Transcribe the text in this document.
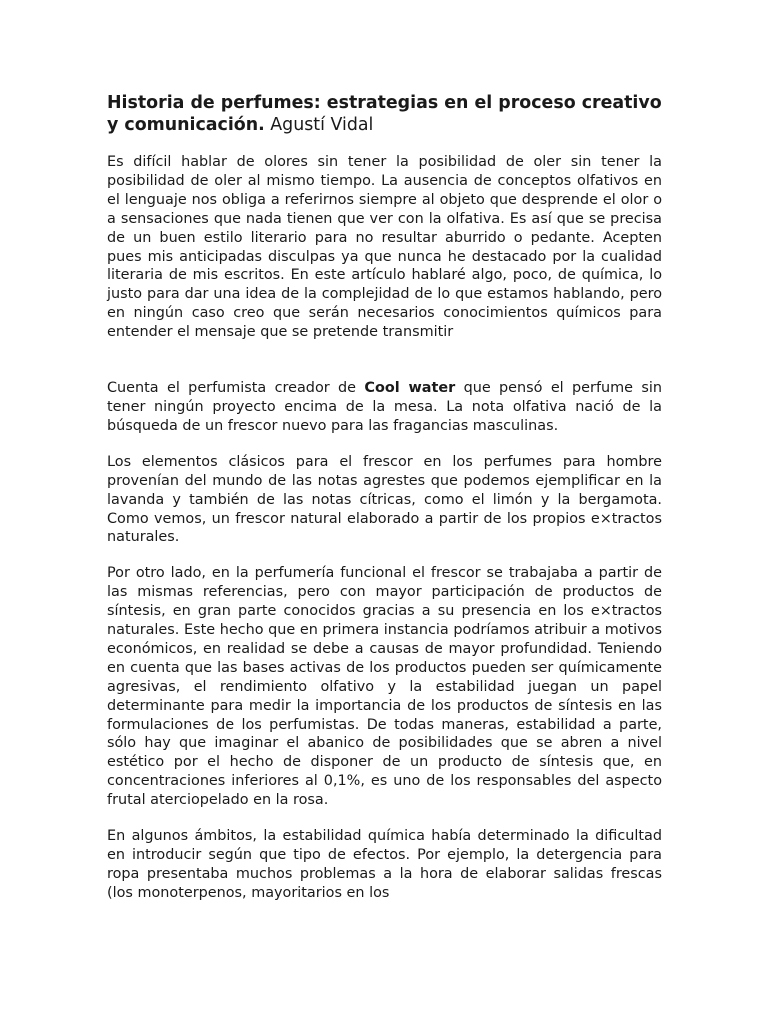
Historia de perfumes: estrategias en el proceso creativo y comunicación. Agustí Vidal

Es difícil hablar de olores sin tener la posibilidad de oler sin tener la posibilidad de oler al mismo tiempo. La ausencia de conceptos olfativos en el lenguaje nos obliga a referirnos siempre al objeto que desprende el olor o a sensaciones que nada tienen que ver con la olfativa. Es así que se precisa de un buen estilo literario para no resultar aburrido o pedante. Acepten pues mis anticipadas disculpas ya que nunca he destacado por la cualidad literaria de mis escritos. En este artículo hablaré algo, poco, de química, lo justo para dar una idea de la complejidad de lo que estamos hablando, pero en ningún caso creo que serán necesarios conocimientos químicos para entender el mensaje que se pretende transmitir

Cuenta el perfumista creador de Cool water que pensó el perfume sin tener ningún proyecto encima de la mesa. La nota olfativa nació de la búsqueda de un frescor nuevo para las fragancias masculinas.

Los elementos clásicos para el frescor en los perfumes para hombre provenían del mundo de las notas agrestes que podemos ejemplificar en la lavanda y también de las notas cítricas, como el limón y la bergamota. Como vemos, un frescor natural elaborado a partir de los propios e×tractos naturales.

Por otro lado, en la perfumería funcional el frescor se trabajaba a partir de las mismas referencias, pero con mayor participación de productos de síntesis, en gran parte conocidos gracias a su presencia en los e×tractos naturales. Este hecho que en primera instancia podríamos atribuir a motivos económicos, en realidad se debe a causas de mayor profundidad. Teniendo en cuenta que las bases activas de los productos pueden ser químicamente agresivas, el rendimiento olfativo y la estabilidad juegan un papel determinante para medir la importancia de los productos de síntesis en las formulaciones de los perfumistas. De todas maneras, estabilidad a parte, sólo hay que imaginar el abanico de posibilidades que se abren a nivel estético por el hecho de disponer de un producto de síntesis que, en concentraciones inferiores al 0,1%, es uno de los responsables del aspecto frutal aterciopelado en la rosa.

En algunos ámbitos, la estabilidad química había determinado la dificultad en introducir según que tipo de efectos. Por ejemplo, la detergencia para ropa presentaba muchos problemas a la hora de elaborar salidas frescas (los monoterpenos, mayoritarios en los
